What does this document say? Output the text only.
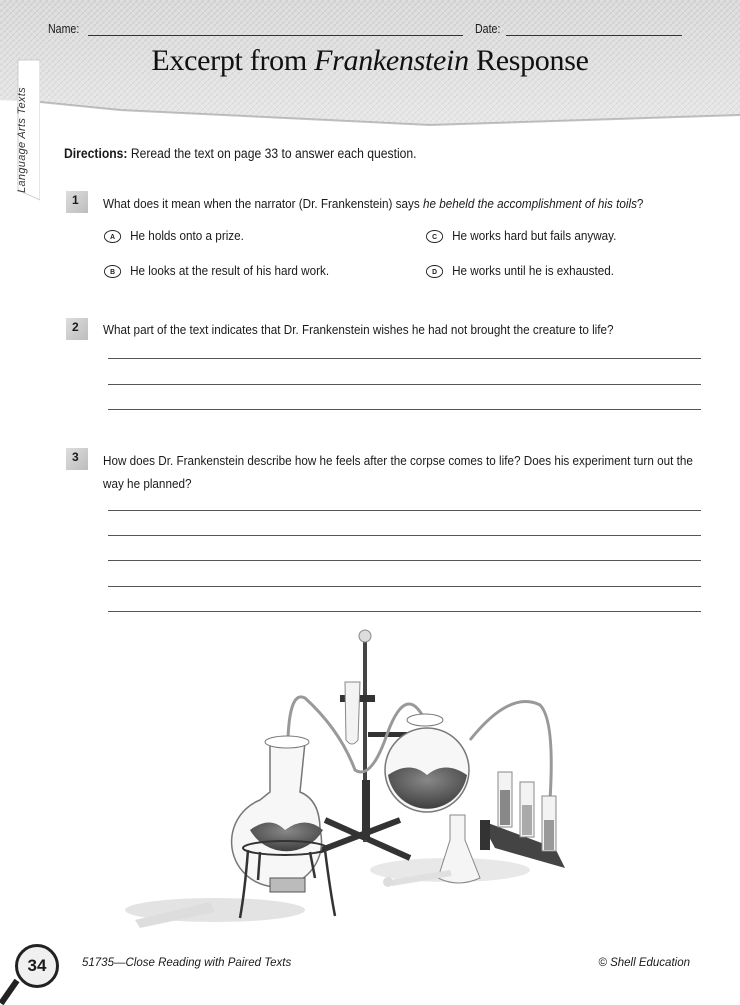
Language Arts Texts
Name:	Date:
Excerpt from Frankenstein Response
Directions: Reread the text on page 33 to answer each question.
1	What does it mean when the narrator (Dr. Frankenstein) says he beheld the accomplishment of his toils?
A He holds onto a prize.
B He looks at the result of his hard work.
C He works hard but fails anyway.
D He works until he is exhausted.
2	What part of the text indicates that Dr. Frankenstein wishes he had not brought the creature to life?
3	How does Dr. Frankenstein describe how he feels after the corpse comes to life? Does his experiment turn out the way he planned?
34	51735—Close Reading with Paired Texts	© Shell Education
